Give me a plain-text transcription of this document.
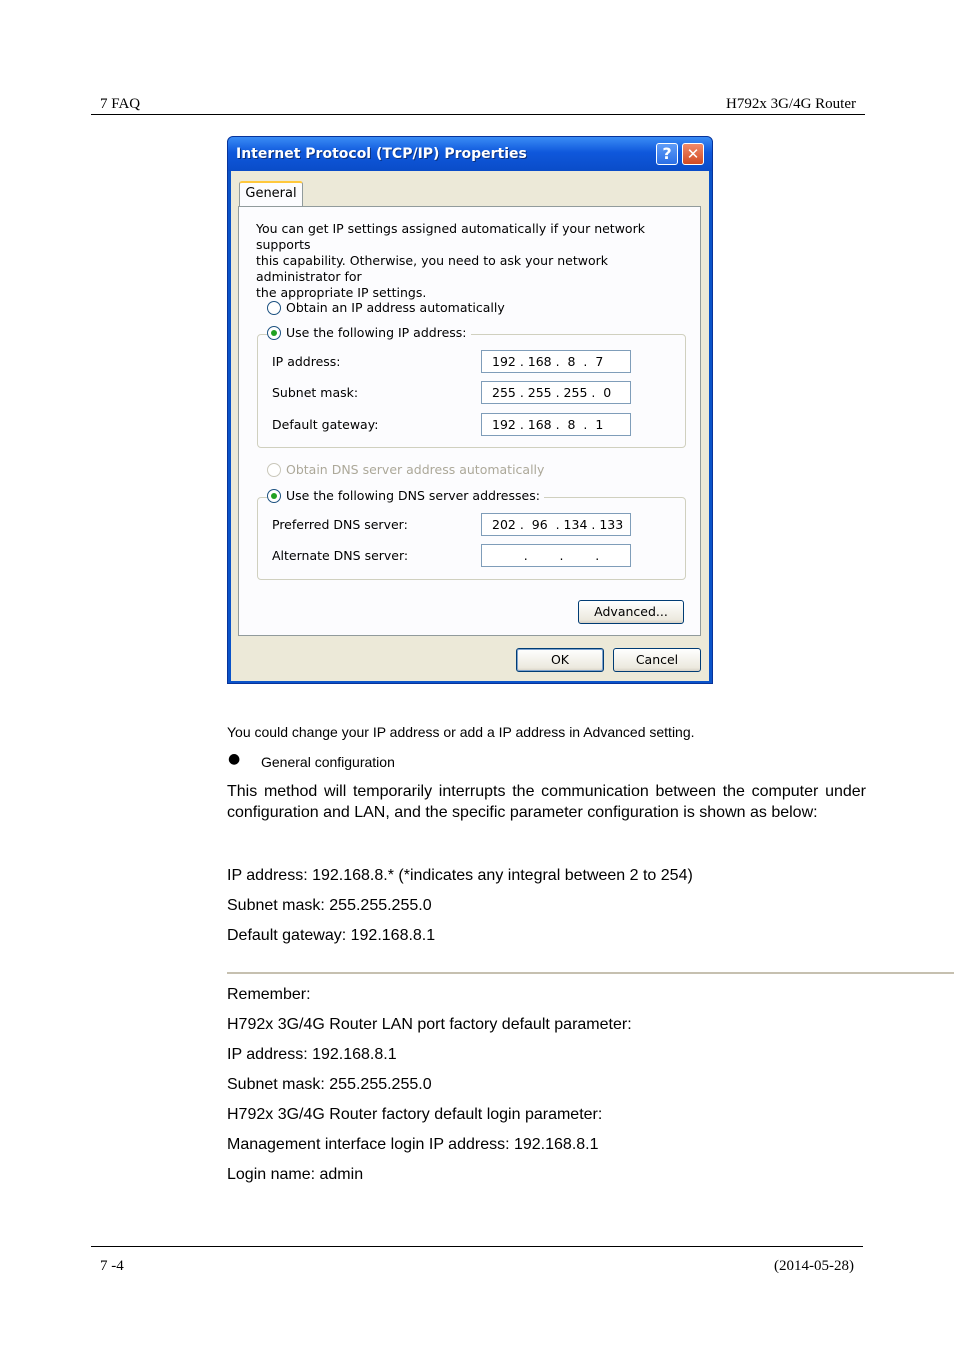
7 FAQ	H792x 3G/4G Router
Internet Protocol (TCP/IP) Properties	?	✕
General
You can get IP settings assigned automatically if your network supports
this capability. Otherwise, you need to ask your network administrator for
the appropriate IP settings.
Obtain an IP address automatically
Use the following IP address:
IP address:	192 . 168 .  8  .  7
Subnet mask:	255 . 255 . 255 .  0
Default gateway:	192 . 168 .  8  .  1
Obtain DNS server address automatically
Use the following DNS server addresses:
Preferred DNS server:	202 .  96  . 134 . 133
Alternate DNS server:	.        .        .
Advanced...
OK	Cancel
You could change your IP address or add a IP address in Advanced setting.
● General configuration
This method will temporarily interrupts the communication between the computer under configuration and LAN, and the specific parameter configuration is shown as below:
IP address: 192.168.8.* (*indicates any integral between 2 to 254)
Subnet mask: 255.255.255.0
Default gateway: 192.168.8.1
Remember:
H792x 3G/4G Router LAN port factory default parameter:
IP address: 192.168.8.1
Subnet mask: 255.255.255.0
H792x 3G/4G Router factory default login parameter:
Management interface login IP address: 192.168.8.1
Login name: admin
7 -4	(2014-05-28)
